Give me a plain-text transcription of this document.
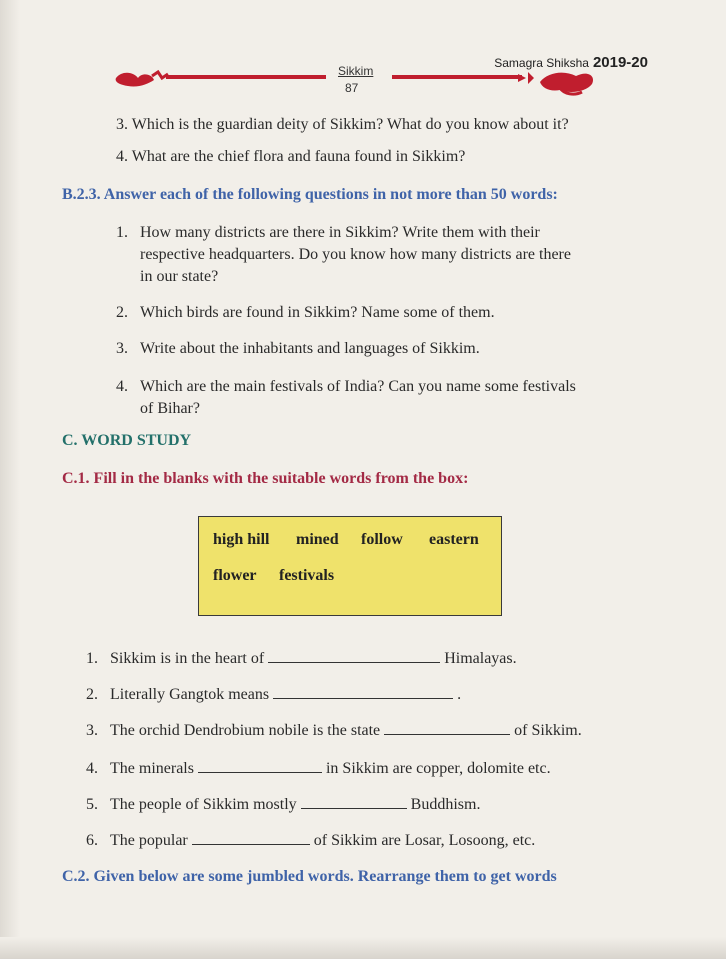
Samagra Shiksha 2019-20
Sikkim
87
3. Which is the guardian deity of Sikkim? What do you know about it?
4. What are the chief flora and fauna found in Sikkim?
B.2.3. Answer each of the following questions in not more than 50 words:
1. How many districts are there in Sikkim? Write them with their
respective headquarters. Do you know how many districts are there
in our state?
2. Which birds are found in Sikkim? Name some of them.
3. Write about the inhabitants and languages of Sikkim.
4. Which are the main festivals of India? Can you name some festivals
of Bihar?
C. WORD STUDY
C.1. Fill in the blanks with the suitable words from the box:
high hill mined follow eastern
flower festivals
1. Sikkim is in the heart of	Himalayas.
2. Literally Gangtok means	.
3. The orchid Dendrobium nobile is the state	of Sikkim.
4. The minerals	in Sikkim are copper, dolomite etc.
5. The people of Sikkim mostly	Buddhism.
6. The popular	of Sikkim are Losar, Losoong, etc.
C.2. Given below are some jumbled words. Rearrange them to get words
